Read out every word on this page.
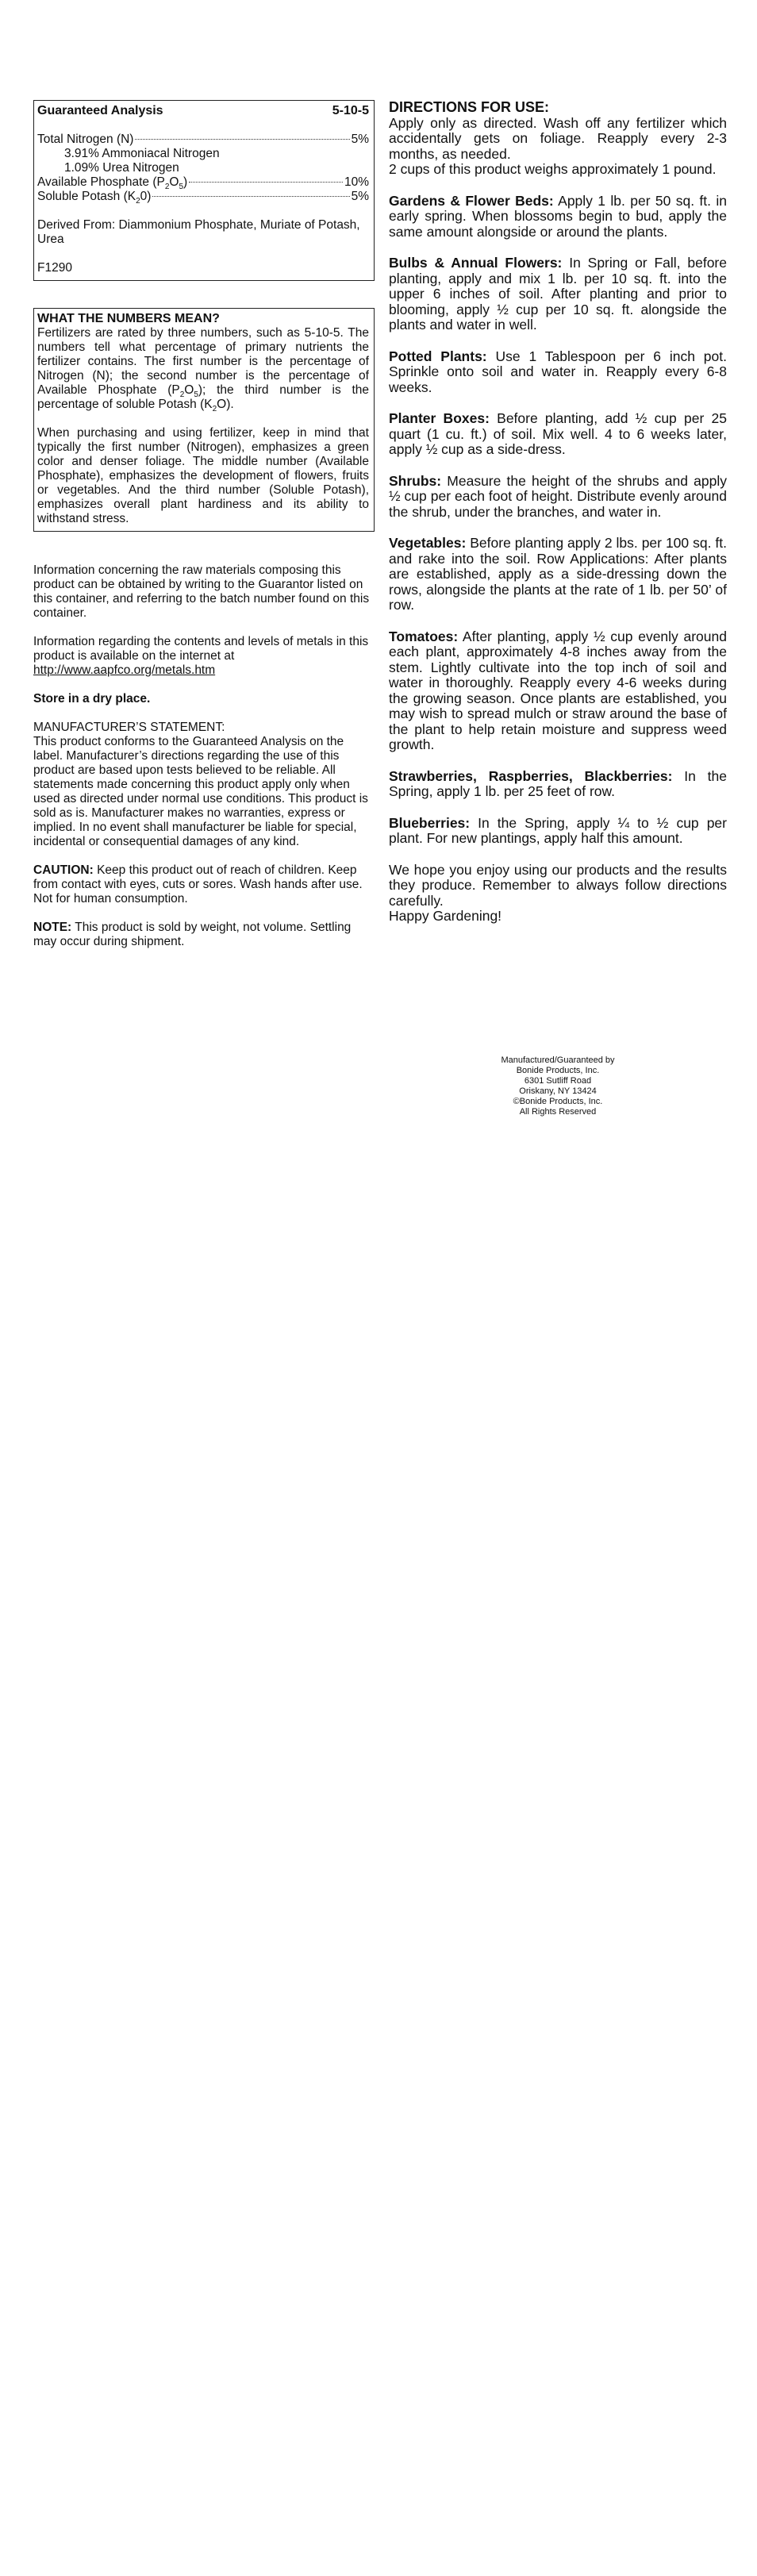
Guaranteed Analysis	5-10-5
Total Nitrogen (N)	5%
3.91% Ammoniacal Nitrogen
1.09% Urea Nitrogen
Available Phosphate $(P_2O_5)$	10%
Soluble Potash $(K_20)$	5%
Derived From: Diammonium Phosphate, Muriate of Potash, Urea
F1290
WHAT THE NUMBERS MEAN?

Fertilizers are rated by three numbers, such as 5-10-5. The numbers tell what percentage of primary nutrients the fertilizer contains. The first number is the percentage of Nitrogen (N); the second number is the percentage of Available Phosphate $(P_2O_5)$; the third number is the percentage of soluble Potash $(K_2O)$.

When purchasing and using fertilizer, keep in mind that typically the first number (Nitrogen), emphasizes a green color and denser foliage. The middle number (Available Phosphate), emphasizes the development of flowers, fruits or vegetables. And the third number (Soluble Potash), emphasizes overall plant hardiness and its ability to withstand stress.

Information concerning the raw materials composing this product can be obtained by writing to the Guarantor listed on this container, and referring to the batch number found on this container.

Information regarding the contents and levels of metals in this product is available on the internet at http://www.aapfco.org/metals.htm

Store in a dry place.

MANUFACTURER’S STATEMENT:
This product conforms to the Guaranteed Analysis on the label. Manufacturer’s directions regarding the use of this product are based upon tests believed to be reliable. All statements made concerning this product apply only when used as directed under normal use conditions. This product is sold as is. Manufacturer makes no warranties, express or implied. In no event shall manufacturer be liable for special, incidental or consequential damages of any kind.

CAUTION: Keep this product out of reach of children. Keep from contact with eyes, cuts or sores. Wash hands after use. Not for human consumption.

NOTE: This product is sold by weight, not volume. Settling may occur during shipment.

DIRECTIONS FOR USE:

Apply only as directed. Wash off any fertilizer which accidentally gets on foliage. Reapply every 2-3 months, as needed.
2 cups of this product weighs approximately 1 pound.

Gardens & Flower Beds: Apply 1 lb. per 50 sq. ft. in early spring. When blossoms begin to bud, apply the same amount alongside or around the plants.

Bulbs & Annual Flowers: In Spring or Fall, before planting, apply and mix 1 lb. per 10 sq. ft. into the upper 6 inches of soil. After planting and prior to blooming, apply ½ cup per 10 sq. ft. alongside the plants and water in well.

Potted Plants: Use 1 Tablespoon per 6 inch pot. Sprinkle onto soil and water in. Reapply every 6-8 weeks.

Planter Boxes: Before planting, add ½ cup per 25 quart (1 cu. ft.) of soil. Mix well. 4 to 6 weeks later, apply ½ cup as a side-dress.

Shrubs: Measure the height of the shrubs and apply ½ cup per each foot of height. Distribute evenly around the shrub, under the branches, and water in.

Vegetables: Before planting apply 2 lbs. per 100 sq. ft. and rake into the soil. Row Applications: After plants are established, apply as a side-dressing down the rows, alongside the plants at the rate of 1 lb. per 50’ of row.

Tomatoes: After planting, apply ½ cup evenly around each plant, approximately 4-8 inches away from the stem. Lightly cultivate into the top inch of soil and water in thoroughly. Reapply every 4-6 weeks during the growing season. Once plants are established, you may wish to spread mulch or straw around the base of the plant to help retain moisture and suppress weed growth.

Strawberries, Raspberries, Blackberries: In the Spring, apply 1 lb. per 25 feet of row.

Blueberries: In the Spring, apply ¼ to ½ cup per plant. For new plantings, apply half this amount.

We hope you enjoy using our products and the results they produce. Remember to always follow directions carefully.
Happy Gardening!

Manufactured/Guaranteed by
Bonide Products, Inc.
6301 Sutliff Road
Oriskany, NY 13424
©Bonide Products, Inc.
All Rights Reserved
